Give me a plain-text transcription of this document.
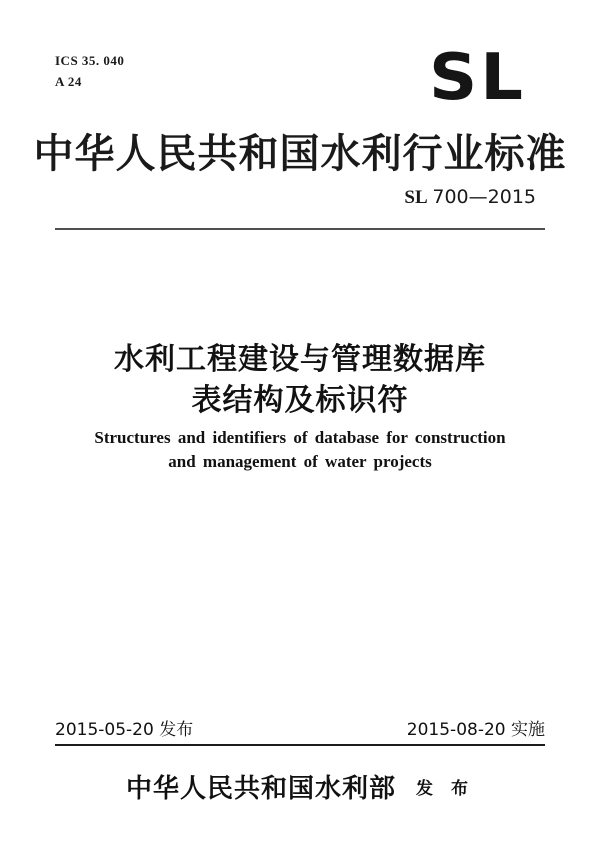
ICS 35. 040
A 24	SL
中华人民共和国水利行业标准
SL 700—2015
水利工程建设与管理数据库
表结构及标识符
Structures and identifiers of database for construction
and management of water projects
2015-05-20 发布	2015-08-20 实施
中华人民共和国水利部 发 布
